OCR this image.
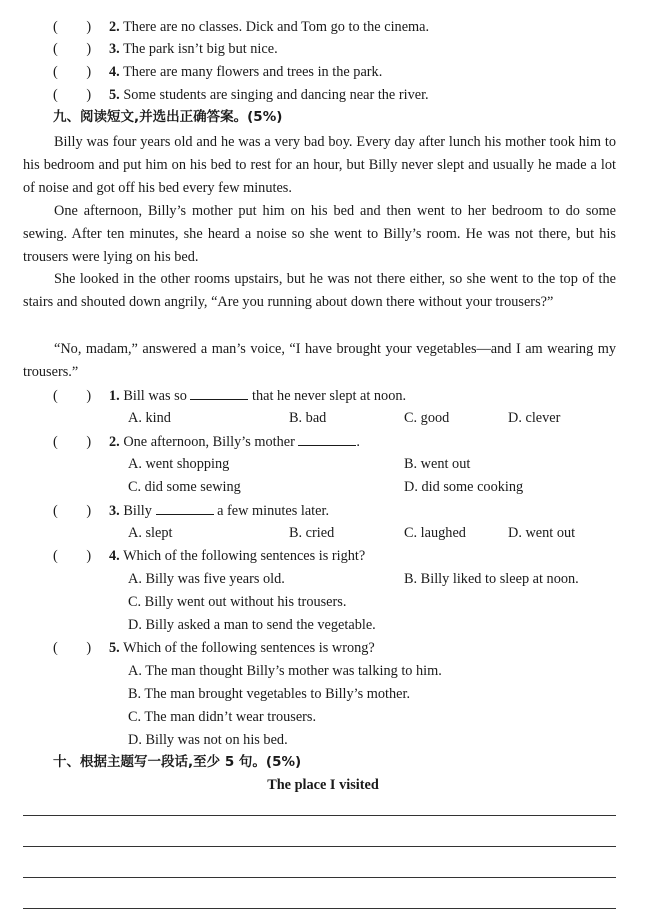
(　　) 2. There are no classes. Dick and Tom go to the cinema.
(　　) 3. The park isn’t big but nice.
(　　) 4. There are many flowers and trees in the park.
(　　) 5. Some students are singing and dancing near the river.
九、阅读短文,并选出正确答案。(5%)

Billy was four years old and he was a very bad boy. Every day after lunch his mother took him to his bedroom and put him on his bed to rest for an hour, but Billy never slept and usually he made a lot of noise and got off his bed every few minutes.

One afternoon, Billy’s mother put him on his bed and then went to her bedroom to do some sewing. After ten minutes, she heard a noise so she went to Billy’s room. He was not there, but his trousers were lying on his bed.

She looked in the other rooms upstairs, but he was not there either, so she went to the top of the stairs and shouted down angrily, “Are you running about down there without your trousers?”

“No, madam,” answered a man’s voice, “I have brought your vegetables—and I am wearing my trousers.”

(　　) 1. Bill was so	that he never slept at noon.
A. kind	B. bad	C. good	D. clever
(　　) 2. One afternoon, Billy’s mother	.
A. went shopping	B. went out
C. did some sewing	D. did some cooking
(　　) 3. Billy	a few minutes later.
A. slept	B. cried	C. laughed	D. went out
(　　) 4. Which of the following sentences is right?
A. Billy was five years old.	B. Billy liked to sleep at noon.
C. Billy went out without his trousers.
D. Billy asked a man to send the vegetable.
(　　) 5. Which of the following sentences is wrong?
A. The man thought Billy’s mother was talking to him.
B. The man brought vegetables to Billy’s mother.
C. The man didn’t wear trousers.
D. Billy was not on his bed.
十、根据主题写一段话,至少 5 句。(5%)
The place I visited
